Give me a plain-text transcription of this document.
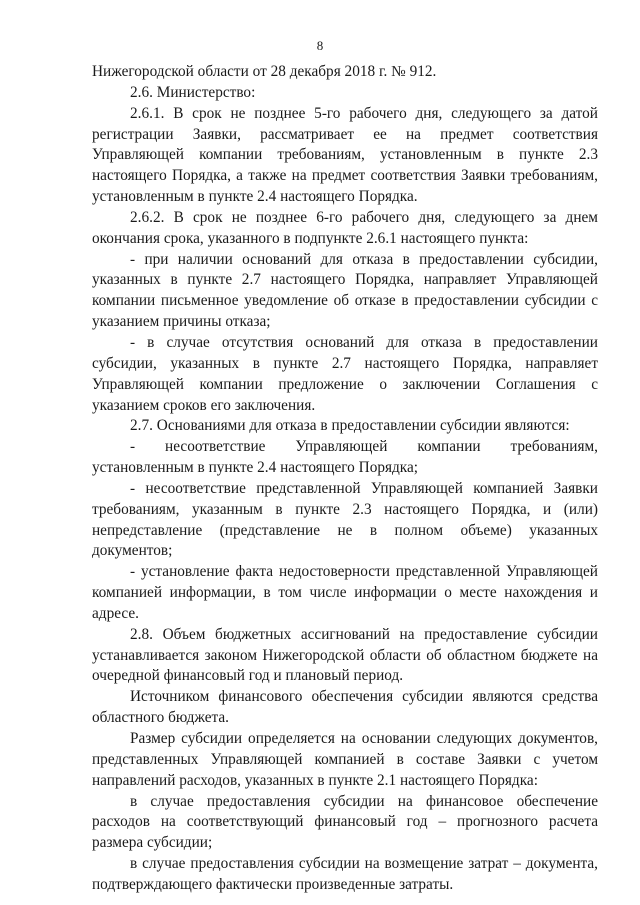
8

Нижегородской области от 28 декабря 2018 г. № 912.

2.6. Министерство:

2.6.1. В срок не позднее 5-го рабочего дня, следующего за датой регистрации Заявки, рассматривает ее на предмет соответствия Управляющей компании требованиям, установленным в пункте 2.3 настоящего Порядка, а также на предмет соответствия Заявки требованиям, установленным в пункте 2.4 настоящего Порядка.

2.6.2. В срок не позднее 6-го рабочего дня, следующего за днем окончания срока, указанного в подпункте 2.6.1 настоящего пункта:

- при наличии оснований для отказа в предоставлении субсидии, указанных в пункте 2.7 настоящего Порядка, направляет Управляющей компании письменное уведомление об отказе в предоставлении субсидии с указанием причины отказа;

- в случае отсутствия оснований для отказа в предоставлении субсидии, указанных в пункте 2.7 настоящего Порядка, направляет Управляющей компании предложение о заключении Соглашения с указанием сроков его заключения.

2.7. Основаниями для отказа в предоставлении субсидии являются:

- несоответствие Управляющей компании требованиям, установленным в пункте 2.4 настоящего Порядка;

- несоответствие представленной Управляющей компанией Заявки требованиям, указанным в пункте 2.3 настоящего Порядка, и (или) непредставление (представление не в полном объеме) указанных документов;

- установление факта недостоверности представленной Управляющей компанией информации, в том числе информации о месте нахождения и адресе.

2.8. Объем бюджетных ассигнований на предоставление субсидии устанавливается законом Нижегородской области об областном бюджете на очередной финансовый год и плановый период.

Источником финансового обеспечения субсидии являются средства областного бюджета.

Размер субсидии определяется на основании следующих документов, представленных Управляющей компанией в составе Заявки с учетом направлений расходов, указанных в пункте 2.1 настоящего Порядка:

в случае предоставления субсидии на финансовое обеспечение расходов на соответствующий финансовый год – прогнозного расчета размера субсидии;

в случае предоставления субсидии на возмещение затрат – документа, подтверждающего фактически произведенные затраты.
